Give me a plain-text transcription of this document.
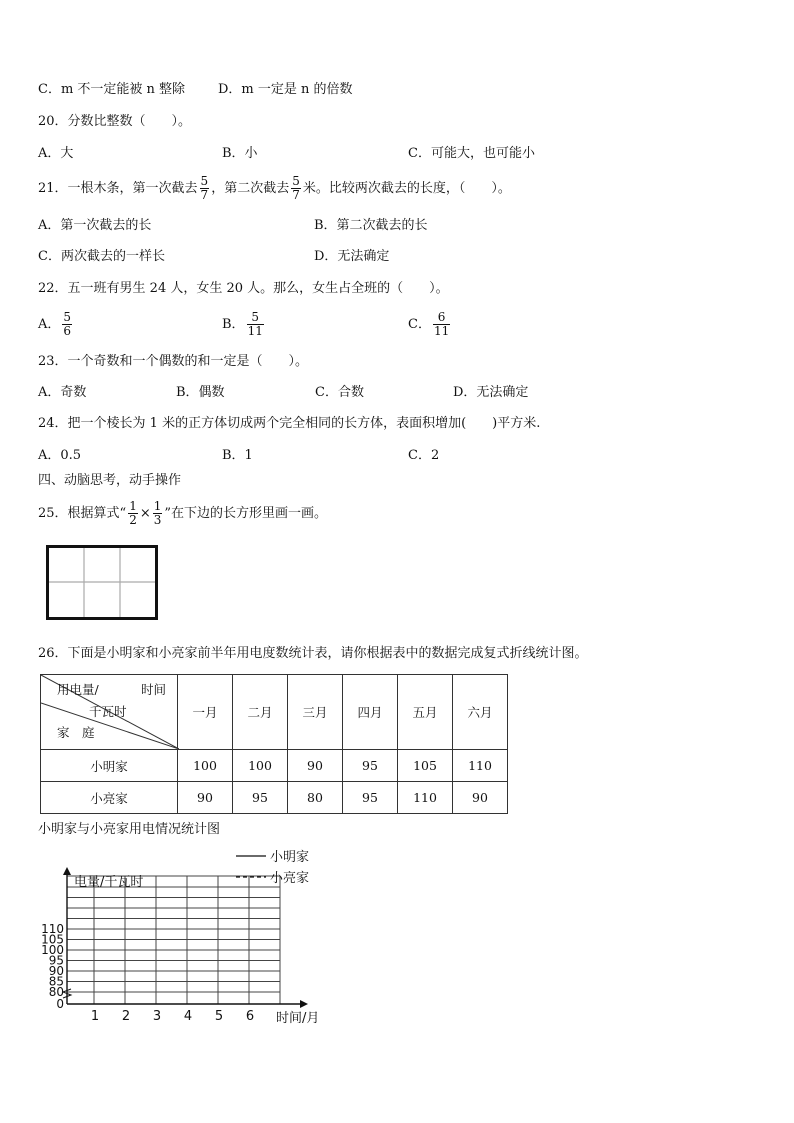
C．m 不一定能被 n 整除	D．m 一定是 n 的倍数
20．分数比整数（　　）。
A．大	B．小	C．可能大，也可能小
21．一根木条，第一次截去 $\frac{5}{7}$ ，第二次截去 $\frac{5}{7}$ 米。比较两次截去的长度，（　　）。
A．第一次截去的长	B．第二次截去的长
C．两次截去的一样长	D．无法确定
22．五一班有男生 24 人，女生 20 人。那么，女生占全班的（　　）。
A． $\frac{5}{6}$	B． $\frac{5}{11}$	C． $\frac{6}{11}$
23．一个奇数和一个偶数的和一定是（　　）。
A．奇数	B．偶数	C．合数	D．无法确定
24．把一个棱长为 1 米的正方体切成两个完全相同的长方体，表面积增加(　　)平方米.
A．0.5	B．1	C．2
四、动脑思考，动手操作
25．根据算式“ $\frac{1}{2} \times \frac{1}{3}$ ”在下边的长方形里画一画。
26．下面是小明家和小亮家前半年用电度数统计表，请你根据表中的数据完成复式折线统计图。
用电量/ 时间
千瓦时
家　庭	一月	二月	三月	四月	五月	六月
小明家	100	100	90	95	105	110
小亮家	90	95	80	95	110	90
小明家与小亮家用电情况统计图
0
80
85
90
95
100
105
110
1 2 3 4 5 6
电量/千瓦时
时间/月
小明家
小亮家
